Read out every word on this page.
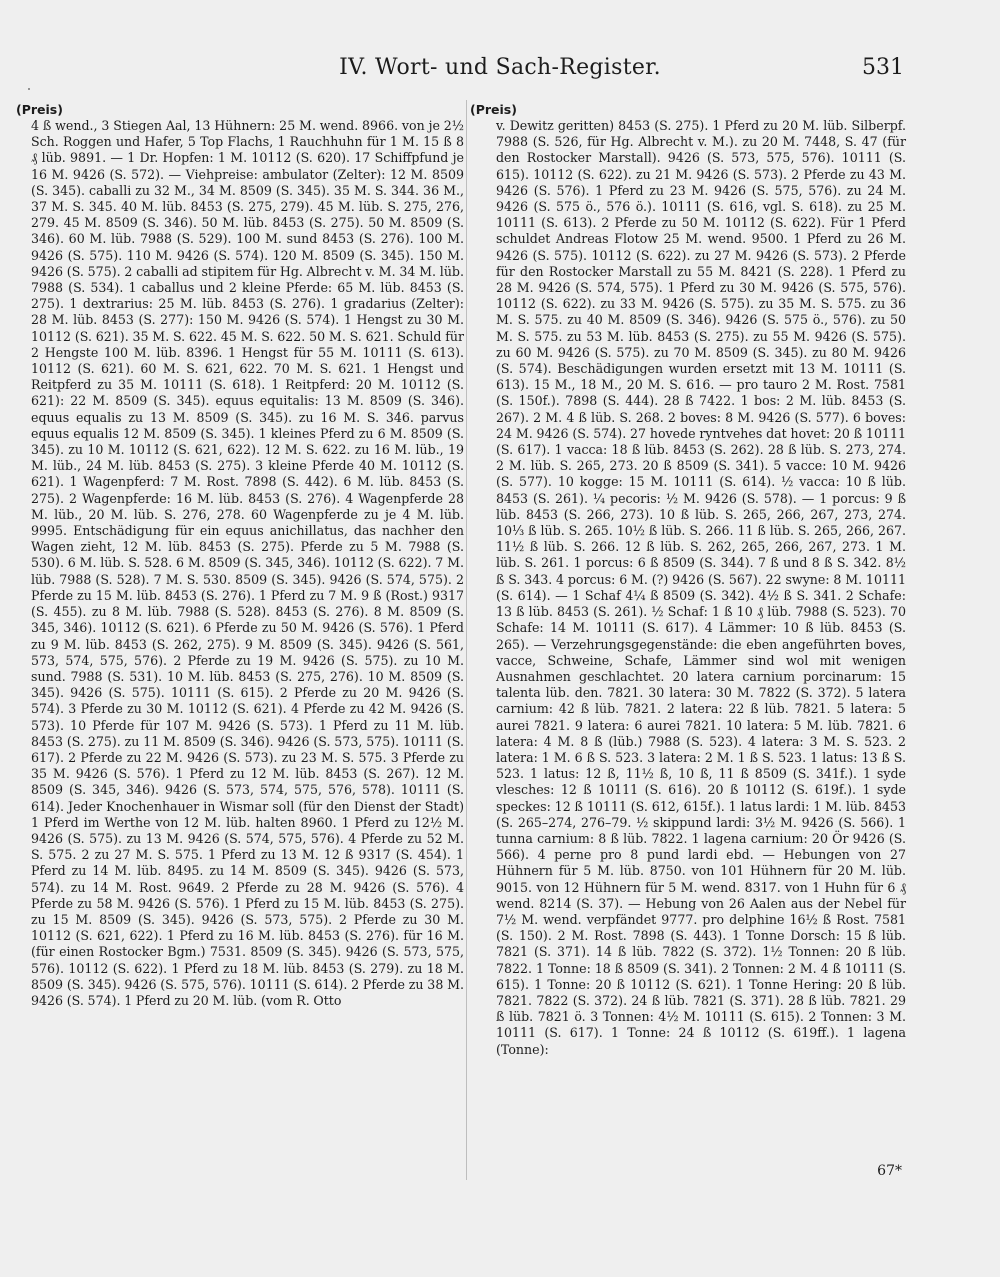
IV. Wort- und Sach-Register.	531
(Preis)

4 ß wend., 3 Stiegen Aal, 13 Hühnern: 25 M. wend. 8966. von je 2½ Sch. Roggen und Hafer, 5 Top Flachs, 1 Rauchhuhn für 1 M. 15 ß 8 ₰ lüb. 9891. — 1 Dr. Hopfen: 1 M. 10112 (S. 620). 17 Schiffpfund je 16 M. 9426 (S. 572). — Viehpreise: ambulator (Zelter): 12 M. 8509 (S. 345). caballi zu 32 M., 34 M. 8509 (S. 345). 35 M. S. 344. 36 M., 37 M. S. 345. 40 M. lüb. 8453 (S. 275, 279). 45 M. lüb. S. 275, 276, 279. 45 M. 8509 (S. 346). 50 M. lüb. 8453 (S. 275). 50 M. 8509 (S. 346). 60 M. lüb. 7988 (S. 529). 100 M. sund 8453 (S. 276). 100 M. 9426 (S. 575). 110 M. 9426 (S. 574). 120 M. 8509 (S. 345). 150 M. 9426 (S. 575). 2 caballi ad stipitem für Hg. Albrecht v. M. 34 M. lüb. 7988 (S. 534). 1 caballus und 2 kleine Pferde: 65 M. lüb. 8453 (S. 275). 1 dextrarius: 25 M. lüb. 8453 (S. 276). 1 gradarius (Zelter): 28 M. lüb. 8453 (S. 277): 150 M. 9426 (S. 574). 1 Hengst zu 30 M. 10112 (S. 621). 35 M. S. 622. 45 M. S. 622. 50 M. S. 621. Schuld für 2 Hengste 100 M. lüb. 8396. 1 Hengst für 55 M. 10111 (S. 613). 10112 (S. 621). 60 M. S. 621, 622. 70 M. S. 621. 1 Hengst und Reitpferd zu 35 M. 10111 (S. 618). 1 Reitpferd: 20 M. 10112 (S. 621): 22 M. 8509 (S. 345). equus equitalis: 13 M. 8509 (S. 346). equus equalis zu 13 M. 8509 (S. 345). zu 16 M. S. 346. parvus equus equalis 12 M. 8509 (S. 345). 1 kleines Pferd zu 6 M. 8509 (S. 345). zu 10 M. 10112 (S. 621, 622). 12 M. S. 622. zu 16 M. lüb., 19 M. lüb., 24 M. lüb. 8453 (S. 275). 3 kleine Pferde 40 M. 10112 (S. 621). 1 Wagenpferd: 7 M. Rost. 7898 (S. 442). 6 M. lüb. 8453 (S. 275). 2 Wagenpferde: 16 M. lüb. 8453 (S. 276). 4 Wagenpferde 28 M. lüb., 20 M. lüb. S. 276, 278. 60 Wagenpferde zu je 4 M. lüb. 9995. Entschädigung für ein equus anichillatus, das nachher den Wagen zieht, 12 M. lüb. 8453 (S. 275). Pferde zu 5 M. 7988 (S. 530). 6 M. lüb. S. 528. 6 M. 8509 (S. 345, 346). 10112 (S. 622). 7 M. lüb. 7988 (S. 528). 7 M. S. 530. 8509 (S. 345). 9426 (S. 574, 575). 2 Pferde zu 15 M. lüb. 8453 (S. 276). 1 Pferd zu 7 M. 9 ß (Rost.) 9317 (S. 455). zu 8 M. lüb. 7988 (S. 528). 8453 (S. 276). 8 M. 8509 (S. 345, 346). 10112 (S. 621). 6 Pferde zu 50 M. 9426 (S. 576). 1 Pferd zu 9 M. lüb. 8453 (S. 262, 275). 9 M. 8509 (S. 345). 9426 (S. 561, 573, 574, 575, 576). 2 Pferde zu 19 M. 9426 (S. 575). zu 10 M. sund. 7988 (S. 531). 10 M. lüb. 8453 (S. 275, 276). 10 M. 8509 (S. 345). 9426 (S. 575). 10111 (S. 615). 2 Pferde zu 20 M. 9426 (S. 574). 3 Pferde zu 30 M. 10112 (S. 621). 4 Pferde zu 42 M. 9426 (S. 573). 10 Pferde für 107 M. 9426 (S. 573). 1 Pferd zu 11 M. lüb. 8453 (S. 275). zu 11 M. 8509 (S. 346). 9426 (S. 573, 575). 10111 (S. 617). 2 Pferde zu 22 M. 9426 (S. 573). zu 23 M. S. 575. 3 Pferde zu 35 M. 9426 (S. 576). 1 Pferd zu 12 M. lüb. 8453 (S. 267). 12 M. 8509 (S. 345, 346). 9426 (S. 573, 574, 575, 576, 578). 10111 (S. 614). Jeder Knochenhauer in Wismar soll (für den Dienst der Stadt) 1 Pferd im Werthe von 12 M. lüb. halten 8960. 1 Pferd zu 12½ M. 9426 (S. 575). zu 13 M. 9426 (S. 574, 575, 576). 4 Pferde zu 52 M. S. 575. 2 zu 27 M. S. 575. 1 Pferd zu 13 M. 12 ß 9317 (S. 454). 1 Pferd zu 14 M. lüb. 8495. zu 14 M. 8509 (S. 345). 9426 (S. 573, 574). zu 14 M. Rost. 9649. 2 Pferde zu 28 M. 9426 (S. 576). 4 Pferde zu 58 M. 9426 (S. 576). 1 Pferd zu 15 M. lüb. 8453 (S. 275). zu 15 M. 8509 (S. 345). 9426 (S. 573, 575). 2 Pferde zu 30 M. 10112 (S. 621, 622). 1 Pferd zu 16 M. lüb. 8453 (S. 276). für 16 M. (für einen Rostocker Bgm.) 7531. 8509 (S. 345). 9426 (S. 573, 575, 576). 10112 (S. 622). 1 Pferd zu 18 M. lüb. 8453 (S. 279). zu 18 M. 8509 (S. 345). 9426 (S. 575, 576). 10111 (S. 614). 2 Pferde zu 38 M. 9426 (S. 574). 1 Pferd zu 20 M. lüb. (vom R. Otto

(Preis)

v. Dewitz geritten) 8453 (S. 275). 1 Pferd zu 20 M. lüb. Silberpf. 7988 (S. 526, für Hg. Albrecht v. M.). zu 20 M. 7448, S. 47 (für den Rostocker Marstall). 9426 (S. 573, 575, 576). 10111 (S. 615). 10112 (S. 622). zu 21 M. 9426 (S. 573). 2 Pferde zu 43 M. 9426 (S. 576). 1 Pferd zu 23 M. 9426 (S. 575, 576). zu 24 M. 9426 (S. 575 ö., 576 ö.). 10111 (S. 616, vgl. S. 618). zu 25 M. 10111 (S. 613). 2 Pferde zu 50 M. 10112 (S. 622). Für 1 Pferd schuldet Andreas Flotow 25 M. wend. 9500. 1 Pferd zu 26 M. 9426 (S. 575). 10112 (S. 622). zu 27 M. 9426 (S. 573). 2 Pferde für den Rostocker Marstall zu 55 M. 8421 (S. 228). 1 Pferd zu 28 M. 9426 (S. 574, 575). 1 Pferd zu 30 M. 9426 (S. 575, 576). 10112 (S. 622). zu 33 M. 9426 (S. 575). zu 35 M. S. 575. zu 36 M. S. 575. zu 40 M. 8509 (S. 346). 9426 (S. 575 ö., 576). zu 50 M. S. 575. zu 53 M. lüb. 8453 (S. 275). zu 55 M. 9426 (S. 575). zu 60 M. 9426 (S. 575). zu 70 M. 8509 (S. 345). zu 80 M. 9426 (S. 574). Beschädigungen wurden ersetzt mit 13 M. 10111 (S. 613). 15 M., 18 M., 20 M. S. 616. — pro tauro 2 M. Rost. 7581 (S. 150f.). 7898 (S. 444). 28 ß 7422. 1 bos: 2 M. lüb. 8453 (S. 267). 2 M. 4 ß lüb. S. 268. 2 boves: 8 M. 9426 (S. 577). 6 boves: 24 M. 9426 (S. 574). 27 hovede ryntvehes dat hovet: 20 ß 10111 (S. 617). 1 vacca: 18 ß lüb. 8453 (S. 262). 28 ß lüb. S. 273, 274. 2 M. lüb. S. 265, 273. 20 ß 8509 (S. 341). 5 vacce: 10 M. 9426 (S. 577). 10 kogge: 15 M. 10111 (S. 614). ½ vacca: 10 ß lüb. 8453 (S. 261). ¼ pecoris: ½ M. 9426 (S. 578). — 1 porcus: 9 ß lüb. 8453 (S. 266, 273). 10 ß lüb. S. 265, 266, 267, 273, 274. 10⅓ ß lüb. S. 265. 10½ ß lüb. S. 266. 11 ß lüb. S. 265, 266, 267. 11½ ß lüb. S. 266. 12 ß lüb. S. 262, 265, 266, 267, 273. 1 M. lüb. S. 261. 1 porcus: 6 ß 8509 (S. 344). 7 ß und 8 ß S. 342. 8½ ß S. 343. 4 porcus: 6 M. (?) 9426 (S. 567). 22 swyne: 8 M. 10111 (S. 614). — 1 Schaf 4¼ ß 8509 (S. 342). 4½ ß S. 341. 2 Schafe: 13 ß lüb. 8453 (S. 261). ½ Schaf: 1 ß 10 ₰ lüb. 7988 (S. 523). 70 Schafe: 14 M. 10111 (S. 617). 4 Lämmer: 10 ß lüb. 8453 (S. 265). — Verzehrungsgegenstände: die eben angeführten boves, vacce, Schweine, Schafe, Lämmer sind wol mit wenigen Ausnahmen geschlachtet. 20 latera carnium porcinarum: 15 talenta lüb. den. 7821. 30 latera: 30 M. 7822 (S. 372). 5 latera carnium: 42 ß lüb. 7821. 2 latera: 22 ß lüb. 7821. 5 latera: 5 aurei 7821. 9 latera: 6 aurei 7821. 10 latera: 5 M. lüb. 7821. 6 latera: 4 M. 8 ß (lüb.) 7988 (S. 523). 4 latera: 3 M. S. 523. 2 latera: 1 M. 6 ß S. 523. 3 latera: 2 M. 1 ß S. 523. 1 latus: 13 ß S. 523. 1 latus: 12 ß, 11½ ß, 10 ß, 11 ß 8509 (S. 341f.). 1 syde vlesches: 12 ß 10111 (S. 616). 20 ß 10112 (S. 619f.). 1 syde speckes: 12 ß 10111 (S. 612, 615f.). 1 latus lardi: 1 M. lüb. 8453 (S. 265–274, 276–79. ½ skippund lardi: 3½ M. 9426 (S. 566). 1 tunna carnium: 8 ß lüb. 7822. 1 lagena carnium: 20 Ör 9426 (S. 566). 4 perne pro 8 pund lardi ebd. — Hebungen von 27 Hühnern für 5 M. lüb. 8750. von 101 Hühnern für 20 M. lüb. 9015. von 12 Hühnern für 5 M. wend. 8317. von 1 Huhn für 6 ₰ wend. 8214 (S. 37). — Hebung von 26 Aalen aus der Nebel für 7½ M. wend. verpfändet 9777. pro delphine 16½ ß Rost. 7581 (S. 150). 2 M. Rost. 7898 (S. 443). 1 Tonne Dorsch: 15 ß lüb. 7821 (S. 371). 14 ß lüb. 7822 (S. 372). 1½ Tonnen: 20 ß lüb. 7822. 1 Tonne: 18 ß 8509 (S. 341). 2 Tonnen: 2 M. 4 ß 10111 (S. 615). 1 Tonne: 20 ß 10112 (S. 621). 1 Tonne Hering: 20 ß lüb. 7821. 7822 (S. 372). 24 ß lüb. 7821 (S. 371). 28 ß lüb. 7821. 29 ß lüb. 7821 ö. 3 Tonnen: 4½ M. 10111 (S. 615). 2 Tonnen: 3 M. 10111 (S. 617). 1 Tonne: 24 ß 10112 (S. 619ff.). 1 lagena (Tonne):

67*
